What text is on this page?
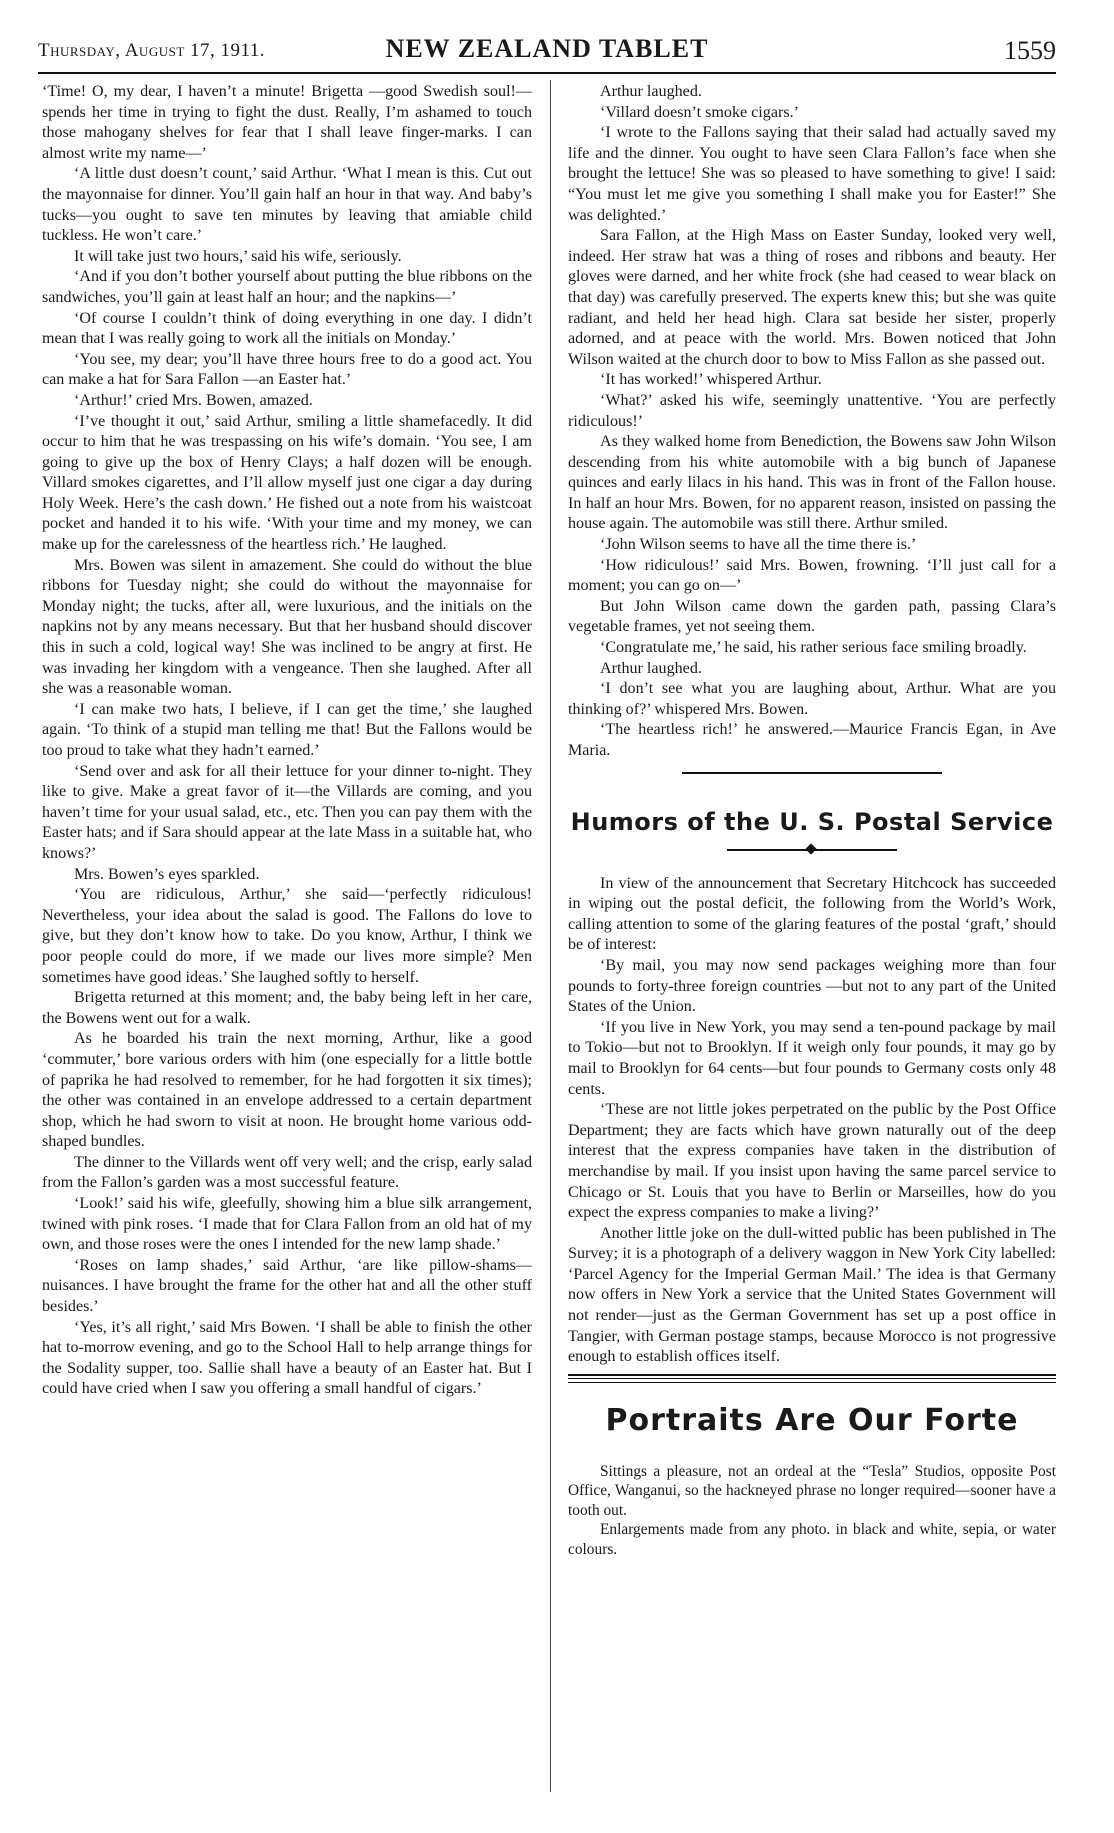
Thursday, August 17, 1911.	NEW ZEALAND TABLET	1559

‘Time! O, my dear, I haven’t a minute! Brigetta —good Swedish soul!—spends her time in trying to fight the dust. Really, I’m ashamed to touch those mahogany shelves for fear that I shall leave finger-marks. I can almost write my name—’

‘A little dust doesn’t count,’ said Arthur. ‘What I mean is this. Cut out the mayonnaise for dinner. You’ll gain half an hour in that way. And baby’s tucks—you ought to save ten minutes by leaving that amiable child tuckless. He won’t care.’

It will take just two hours,’ said his wife, seriously.

‘And if you don’t bother yourself about putting the blue ribbons on the sandwiches, you’ll gain at least half an hour; and the napkins—’

‘Of course I couldn’t think of doing everything in one day. I didn’t mean that I was really going to work all the initials on Monday.’

‘You see, my dear; you’ll have three hours free to do a good act. You can make a hat for Sara Fallon —an Easter hat.’

‘Arthur!’ cried Mrs. Bowen, amazed.

‘I’ve thought it out,’ said Arthur, smiling a little shamefacedly. It did occur to him that he was trespassing on his wife’s domain. ‘You see, I am going to give up the box of Henry Clays; a half dozen will be enough. Villard smokes cigarettes, and I’ll allow myself just one cigar a day during Holy Week. Here’s the cash down.’ He fished out a note from his waistcoat pocket and handed it to his wife. ‘With your time and my money, we can make up for the carelessness of the heartless rich.’ He laughed.

Mrs. Bowen was silent in amazement. She could do without the blue ribbons for Tuesday night; she could do without the mayonnaise for Monday night; the tucks, after all, were luxurious, and the initials on the napkins not by any means necessary. But that her husband should discover this in such a cold, logical way! She was inclined to be angry at first. He was invading her kingdom with a vengeance. Then she laughed. After all she was a reasonable woman.

‘I can make two hats, I believe, if I can get the time,’ she laughed again. ‘To think of a stupid man telling me that! But the Fallons would be too proud to take what they hadn’t earned.’

‘Send over and ask for all their lettuce for your dinner to-night. They like to give. Make a great favor of it—the Villards are coming, and you haven’t time for your usual salad, etc., etc. Then you can pay them with the Easter hats; and if Sara should appear at the late Mass in a suitable hat, who knows?’

Mrs. Bowen’s eyes sparkled.

‘You are ridiculous, Arthur,’ she said—‘perfectly ridiculous! Nevertheless, your idea about the salad is good. The Fallons do love to give, but they don’t know how to take. Do you know, Arthur, I think we poor people could do more, if we made our lives more simple? Men sometimes have good ideas.’ She laughed softly to herself.

Brigetta returned at this moment; and, the baby being left in her care, the Bowens went out for a walk.

As he boarded his train the next morning, Arthur, like a good ‘commuter,’ bore various orders with him (one especially for a little bottle of paprika he had resolved to remember, for he had forgotten it six times); the other was contained in an envelope addressed to a certain department shop, which he had sworn to visit at noon. He brought home various odd-shaped bundles.

The dinner to the Villards went off very well; and the crisp, early salad from the Fallon’s garden was a most successful feature.

‘Look!’ said his wife, gleefully, showing him a blue silk arrangement, twined with pink roses. ‘I made that for Clara Fallon from an old hat of my own, and those roses were the ones I intended for the new lamp shade.’

‘Roses on lamp shades,’ said Arthur, ‘are like pillow-shams—nuisances. I have brought the frame for the other hat and all the other stuff besides.’

‘Yes, it’s all right,’ said Mrs Bowen. ‘I shall be able to finish the other hat to-morrow evening, and go to the School Hall to help arrange things for the Sodality supper, too. Sallie shall have a beauty of an Easter hat. But I could have cried when I saw you offering a small handful of cigars.’

Arthur laughed.

‘Villard doesn’t smoke cigars.’

‘I wrote to the Fallons saying that their salad had actually saved my life and the dinner. You ought to have seen Clara Fallon’s face when she brought the lettuce! She was so pleased to have something to give! I said: “You must let me give you something I shall make you for Easter!” She was delighted.’

Sara Fallon, at the High Mass on Easter Sunday, looked very well, indeed. Her straw hat was a thing of roses and ribbons and beauty. Her gloves were darned, and her white frock (she had ceased to wear black on that day) was carefully preserved. The experts knew this; but she was quite radiant, and held her head high. Clara sat beside her sister, properly adorned, and at peace with the world. Mrs. Bowen noticed that John Wilson waited at the church door to bow to Miss Fallon as she passed out.

‘It has worked!’ whispered Arthur.

‘What?’ asked his wife, seemingly unattentive. ‘You are perfectly ridiculous!’

As they walked home from Benediction, the Bowens saw John Wilson descending from his white automobile with a big bunch of Japanese quinces and early lilacs in his hand. This was in front of the Fallon house. In half an hour Mrs. Bowen, for no apparent reason, insisted on passing the house again. The automobile was still there. Arthur smiled.

‘John Wilson seems to have all the time there is.’

‘How ridiculous!’ said Mrs. Bowen, frowning. ‘I’ll just call for a moment; you can go on—’

But John Wilson came down the garden path, passing Clara’s vegetable frames, yet not seeing them.

‘Congratulate me,’ he said, his rather serious face smiling broadly.

Arthur laughed.

‘I don’t see what you are laughing about, Arthur. What are you thinking of?’ whispered Mrs. Bowen.

‘The heartless rich!’ he answered.—Maurice Francis Egan, in Ave Maria.

Humors of the U. S. Postal Service

In view of the announcement that Secretary Hitchcock has succeeded in wiping out the postal deficit, the following from the World’s Work, calling attention to some of the glaring features of the postal ‘graft,’ should be of interest:

‘By mail, you may now send packages weighing more than four pounds to forty-three foreign countries —but not to any part of the United States of the Union.

‘If you live in New York, you may send a ten-pound package by mail to Tokio—but not to Brooklyn. If it weigh only four pounds, it may go by mail to Brooklyn for 64 cents—but four pounds to Germany costs only 48 cents.

‘These are not little jokes perpetrated on the public by the Post Office Department; they are facts which have grown naturally out of the deep interest that the express companies have taken in the distribution of merchandise by mail. If you insist upon having the same parcel service to Chicago or St. Louis that you have to Berlin or Marseilles, how do you expect the express companies to make a living?’

Another little joke on the dull-witted public has been published in The Survey; it is a photograph of a delivery waggon in New York City labelled: ‘Parcel Agency for the Imperial German Mail.’ The idea is that Germany now offers in New York a service that the United States Government will not render—just as the German Government has set up a post office in Tangier, with German postage stamps, because Morocco is not progressive enough to establish offices itself.

Portraits Are Our Forte

Sittings a pleasure, not an ordeal at the “Tesla” Studios, opposite Post Office, Wanganui, so the hackneyed phrase no longer required—sooner have a tooth out.

Enlargements made from any photo. in black and white, sepia, or water colours.
